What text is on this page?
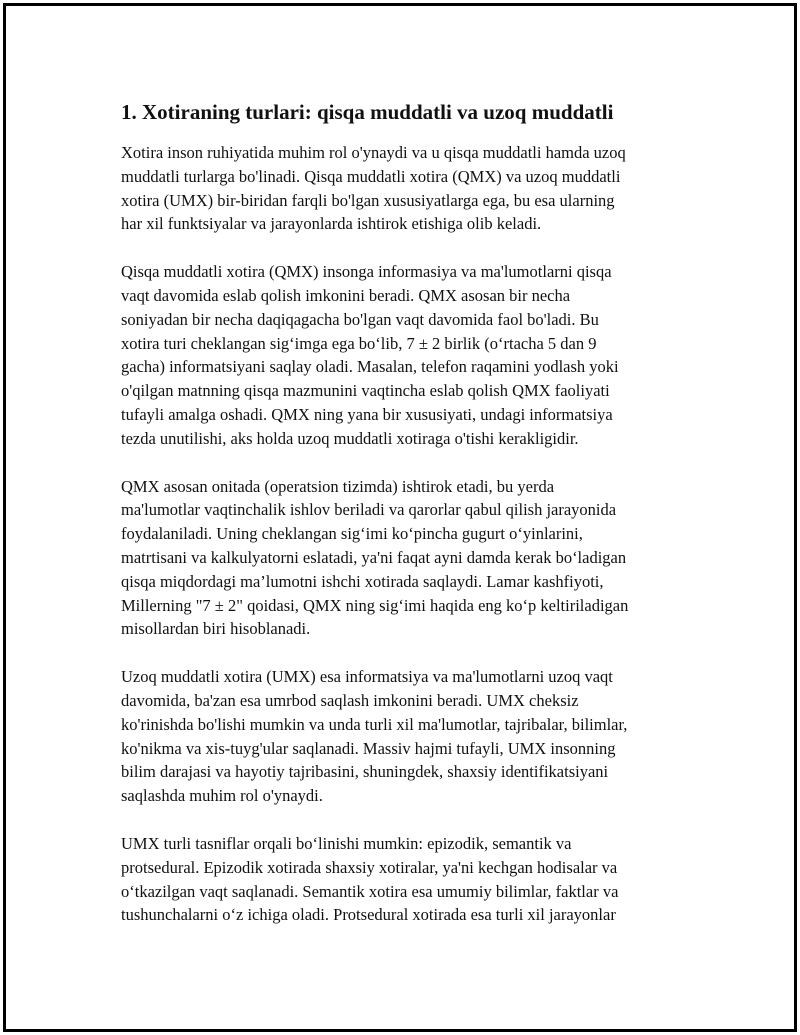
1. Xotiraning turlari: qisqa muddatli va uzoq muddatli

Xotira inson ruhiyatida muhim rol o'ynaydi va u qisqa muddatli hamda uzoq
muddatli turlarga bo'linadi. Qisqa muddatli xotira (QMX) va uzoq muddatli
xotira (UMX) bir-biridan farqli bo'lgan xususiyatlarga ega, bu esa ularning
har xil funktsiyalar va jarayonlarda ishtirok etishiga olib keladi.

Qisqa muddatli xotira (QMX) insonga informasiya va ma'lumotlarni qisqa
vaqt davomida eslab qolish imkonini beradi. QMX asosan bir necha
soniyadan bir necha daqiqagacha bo'lgan vaqt davomida faol bo'ladi. Bu
xotira turi cheklangan sig‘imga ega bo‘lib, 7 ± 2 birlik (o‘rtacha 5 dan 9
gacha) informatsiyani saqlay oladi. Masalan, telefon raqamini yodlash yoki
o'qilgan matnning qisqa mazmunini vaqtincha eslab qolish QMX faoliyati
tufayli amalga oshadi. QMX ning yana bir xususiyati, undagi informatsiya
tezda unutilishi, aks holda uzoq muddatli xotiraga o'tishi kerakligidir.

QMX asosan onitada (operatsion tizimda) ishtirok etadi, bu yerda
ma'lumotlar vaqtinchalik ishlov beriladi va qarorlar qabul qilish jarayonida
foydalaniladi. Uning cheklangan sig‘imi ko‘pincha gugurt o‘yinlarini,
matrtisani va kalkulyatorni eslatadi, ya'ni faqat ayni damda kerak bo‘ladigan
qisqa miqdordagi ma’lumotni ishchi xotirada saqlaydi. Lamar kashfiyoti,
Millerning "7 ± 2" qoidasi, QMX ning sig‘imi haqida eng ko‘p keltiriladigan
misollardan biri hisoblanadi.

Uzoq muddatli xotira (UMX) esa informatsiya va ma'lumotlarni uzoq vaqt
davomida, ba'zan esa umrbod saqlash imkonini beradi. UMX cheksiz
ko'rinishda bo'lishi mumkin va unda turli xil ma'lumotlar, tajribalar, bilimlar,
ko'nikma va xis-tuyg'ular saqlanadi. Massiv hajmi tufayli, UMX insonning
bilim darajasi va hayotiy tajribasini, shuningdek, shaxsiy identifikatsiyani
saqlashda muhim rol o'ynaydi.

UMX turli tasniflar orqali bo‘linishi mumkin: epizodik, semantik va
protsedural. Epizodik xotirada shaxsiy xotiralar, ya'ni kechgan hodisalar va
o‘tkazilgan vaqt saqlanadi. Semantik xotira esa umumiy bilimlar, faktlar va
tushunchalarni o‘z ichiga oladi. Protsedural xotirada esa turli xil jarayonlar
